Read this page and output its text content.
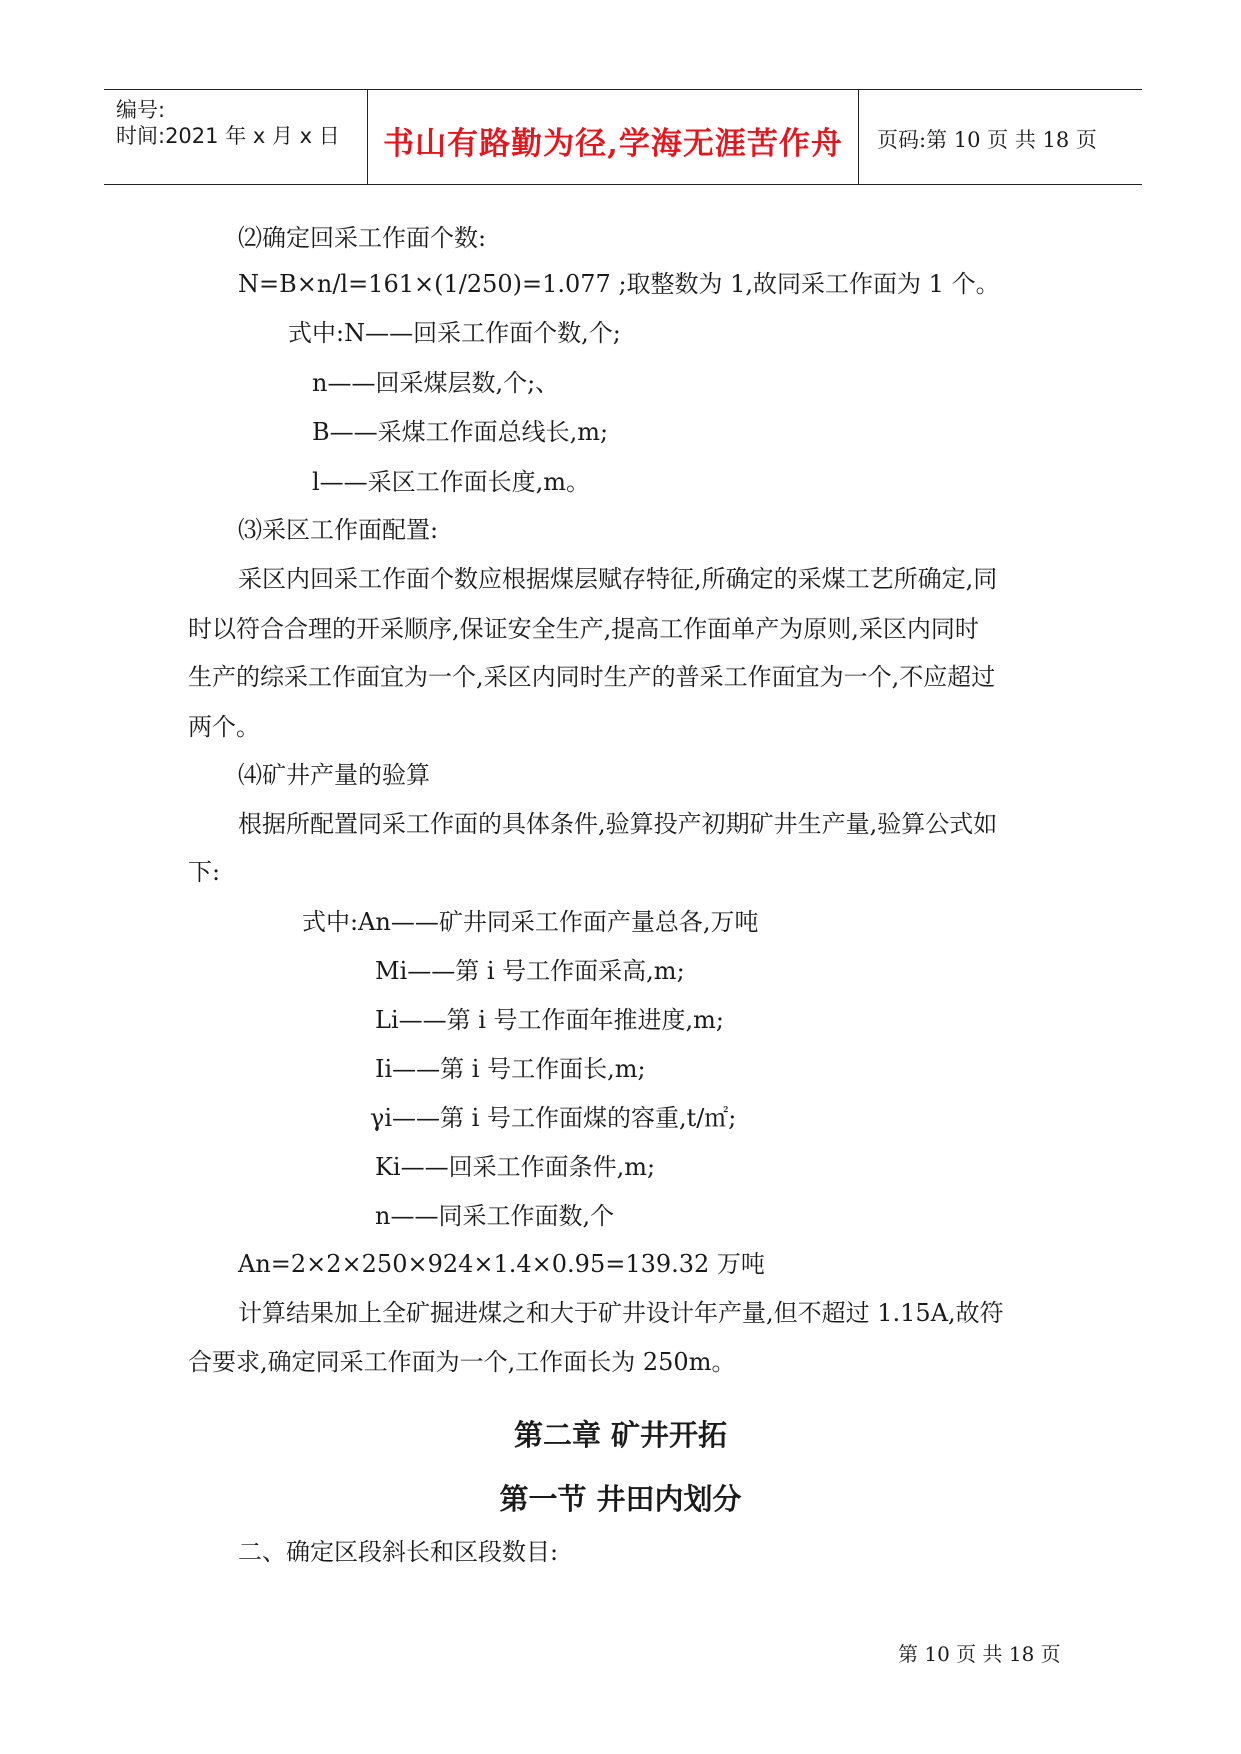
编号:
时间:2021 年 x 月 x 日	书山有路勤为径,学海无涯苦作舟	页码:第 10 页 共 18 页
⑵确定回采工作面个数:
N=B×n/l=161×(1/250)=1.077 ;取整数为 1,故同采工作面为 1 个。
式中:N——回采工作面个数,个;
n——回采煤层数,个;、
B——采煤工作面总线长,m;
l——采区工作面长度,m。
⑶采区工作面配置:
采区内回采工作面个数应根据煤层赋存特征,所确定的采煤工艺所确定,同
时以符合合理的开采顺序,保证安全生产,提高工作面单产为原则,采区内同时
生产的综采工作面宜为一个,采区内同时生产的普采工作面宜为一个,不应超过
两个。
⑷矿井产量的验算
根据所配置同采工作面的具体条件,验算投产初期矿井生产量,验算公式如
下:
式中:An——矿井同采工作面产量总各,万吨
Mi——第 i 号工作面采高,m;
Li——第 i 号工作面年推进度,m;
Ii——第 i 号工作面长,m;
γi——第 i 号工作面煤的容重,t/㎡;
Ki——回采工作面条件,m;
n——同采工作面数,个
An=2×2×250×924×1.4×0.95=139.32 万吨
计算结果加上全矿掘进煤之和大于矿井设计年产量,但不超过 1.15A,故符
合要求,确定同采工作面为一个,工作面长为 250m。
第二章 矿井开拓
第一节 井田内划分
二、确定区段斜长和区段数目:
第 10 页 共 18 页
